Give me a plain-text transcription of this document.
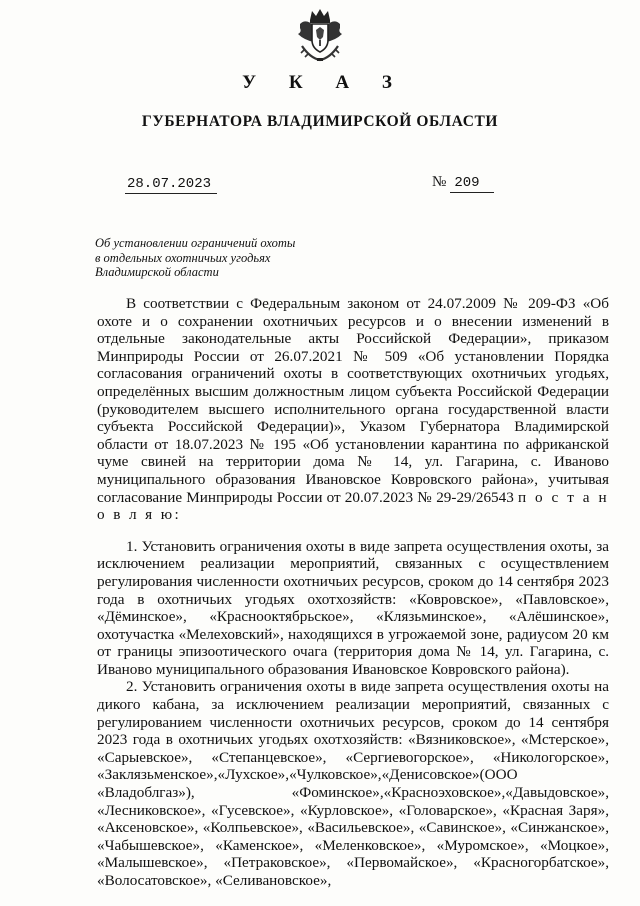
У К А З
ГУБЕРНАТОРА ВЛАДИМИРСКОЙ ОБЛАСТИ
28.07.2023	№ 209
Об установлении ограничений охоты
в отдельных охотничьих угодьях
Владимирской области

В соответствии с Федеральным законом от 24.07.2009 № 209-ФЗ «Об охоте и о сохранении охотничьих ресурсов и о внесении изменений в отдельные законодательные акты Российской Федерации», приказом Минприроды России от 26.07.2021 № 509 «Об установлении Порядка согласования ограничений охоты в соответствующих охотничьих угодьях, определённых высшим должностным лицом субъекта Российской Федерации (руководителем высшего исполнительного органа государственной власти субъекта Российской Федерации)», Указом Губернатора Владимирской области от 18.07.2023 № 195 «Об установлении карантина по африканской чуме свиней на территории дома № 14, ул. Гагарина, с. Иваново муниципального образования Ивановское Ковровского района», учитывая согласование Минприроды России от 20.07.2023 № 29-29/26543 п о с т а н о в л я ю:

1. Установить ограничения охоты в виде запрета осуществления охоты, за исключением реализации мероприятий, связанных с осуществлением регулирования численности охотничьих ресурсов, сроком до 14 сентября 2023 года в охотничьих угодьях охотхозяйств: «Ковровское», «Павловское», «Дёминское», «Краснооктябрьское», «Клязьминское», «Алёшинское», охотучастка «Мелеховский», находящихся в угрожаемой зоне, радиусом 20 км от границы эпизоотического очага (территория дома № 14, ул. Гагарина, с. Иваново муниципального образования Ивановское Ковровского района).

2. Установить ограничения охоты в виде запрета осуществления охоты на дикого кабана, за исключением реализации мероприятий, связанных с регулированием численности охотничьих ресурсов, сроком до 14 сентября 2023 года в охотничьих угодьях охотхозяйств: «Вязниковское», «Мстерское», «Сарыевское», «Степанцевское», «Сергиевогорское», «Никологорское», «Заклязьменское»,«Лухское»,«Чулковское»,«Денисовское»(ООО «Владоблгаз»), «Фоминское»,«Красноэховское»,«Давыдовское», «Лесниковское», «Гусевское», «Курловское», «Головарское», «Красная Заря», «Аксеновское», «Колпьевское», «Васильевское», «Савинское», «Синжанское», «Чабышевское», «Каменское», «Меленковское», «Муромское», «Моцкое», «Малышевское», «Петраковское», «Первомайское», «Красногорбатское», «Волосатовское», «Селивановское»,
